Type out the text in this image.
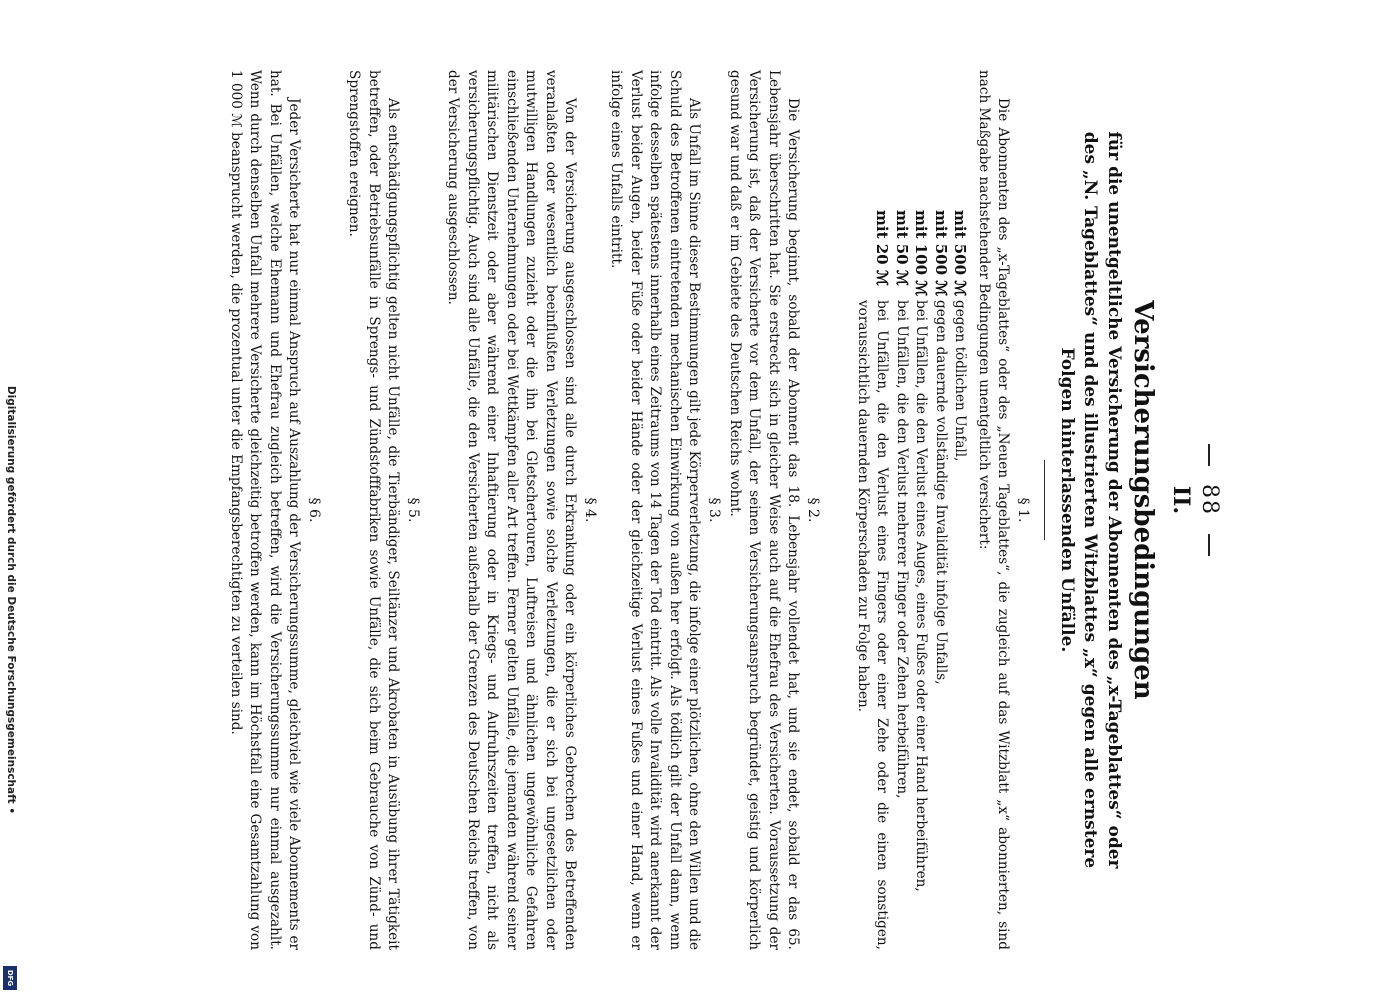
Digitalisierung gefördert durch die Deutsche Forschungsgemeinschaft •
DFG
88
II.
Versicherungsbedingungen
für die unentgeltliche Versicherung der Abonnenten des „x-Tageblattes“ oder
des „N. Tageblattes“ und des illustrierten Witzblattes „x“ gegen alle ernstere
Folgen hinterlassenden Unfälle.

§ 1.

Die Abonnenten des „x-Tageblattes“ oder des „Neuen Tageblattes“, die zugleich auf das Witzblatt „x“ abonnierten, sind nach Maßgabe nachstehender Bedingungen unentgeltlich versichert:

mit 500 ℳ
gegen tödlichen Unfall,

mit 500 ℳ
gegen dauernde vollständige Invalidität infolge Unfalls,

mit 100 ℳ
bei Unfällen, die den Verlust eines Auges, eines Fußes oder einer Hand herbeiführen,

mit 50 ℳ
bei Unfällen, die den Verlust mehrerer Finger oder Zehen herbeiführen,

mit 20 ℳ
bei Unfällen, die den Verlust eines Fingers oder einer Zehe oder die einen sonstigen, voraussichtlich dauernden Körperschaden zur Folge haben.

§ 2.

Die Versicherung beginnt, sobald der Abonnent das 18. Lebensjahr vollendet hat, und sie endet, sobald er das 65. Lebensjahr überschritten hat. Sie erstreckt sich in gleicher Weise auch auf die Ehefrau des Versicherten. Voraussetzung der Versicherung ist, daß der Versicherte vor dem Unfall, der seinen Versicherungsanspruch begründet, geistig und körperlich gesund war und daß er im Gebiete des Deutschen Reichs wohnt.

§ 3.

Als Unfall im Sinne dieser Bestimmungen gilt jede Körperverletzung, die infolge einer plötzlichen, ohne den Willen und die Schuld des Betroffenen eintretenden mechanischen Einwirkung von außen her erfolgt. Als tödlich gilt der Unfall dann, wenn infolge desselben spätestens innerhalb eines Zeitraums von 14 Tagen der Tod eintritt. Als volle Invalidität wird anerkannt der Verlust beider Augen, beider Füße oder beider Hände oder der gleichzeitige Verlust eines Fußes und einer Hand, wenn er infolge eines Unfalls eintritt.

§ 4.

Von der Versicherung ausgeschlossen sind alle durch Erkrankung oder ein körperliches Gebrechen des Betreffenden veranlaßten oder wesentlich beeinflußten Verletzungen sowie solche Verletzungen, die er sich bei ungesetzlichen oder mutwilligen Handlungen zuzieht oder die ihn bei Gletschertouren, Luftreisen und ähnlichen ungewöhnliche Gefahren einschließenden Unternehmungen oder bei Wettkämpfen aller Art treffen. Ferner gelten Unfälle, die jemanden während seiner militärischen Dienstzeit oder aber während einer Inhaftierung oder in Kriegs- und Aufruhrszeiten treffen, nicht als versicherungspflichtig. Auch sind alle Unfälle, die den Versicherten außerhalb der Grenzen des Deutschen Reichs treffen, von der Versicherung ausgeschlossen.

§ 5.

Als entschädigungspflichtig gelten nicht Unfälle, die Tierbändiger, Seiltänzer und Akrobaten in Ausübung ihrer Tätigkeit betreffen, oder Betriebsunfälle in Sprengs- und Zündstofffabriken sowie Unfälle, die sich beim Gebrauche von Zünd- und Sprengstoffen ereignen.

§ 6.

Jeder Versicherte hat nur einmal Anspruch auf Auszahlung der Versicherungssumme, gleichviel wie viele Abonnements er hat. Bei Unfällen, welche Ehemann und Ehefrau zugleich betreffen, wird die Versicherungssumme nur einmal ausgezahlt. Wenn durch denselben Unfall mehrere Versicherte gleichzeitig betroffen werden, kann im Höchstfall eine Gesamtzahlung von 1 000 ℳ beansprucht werden, die prozentual unter die Empfangsberechtigten zu verteilen sind.
